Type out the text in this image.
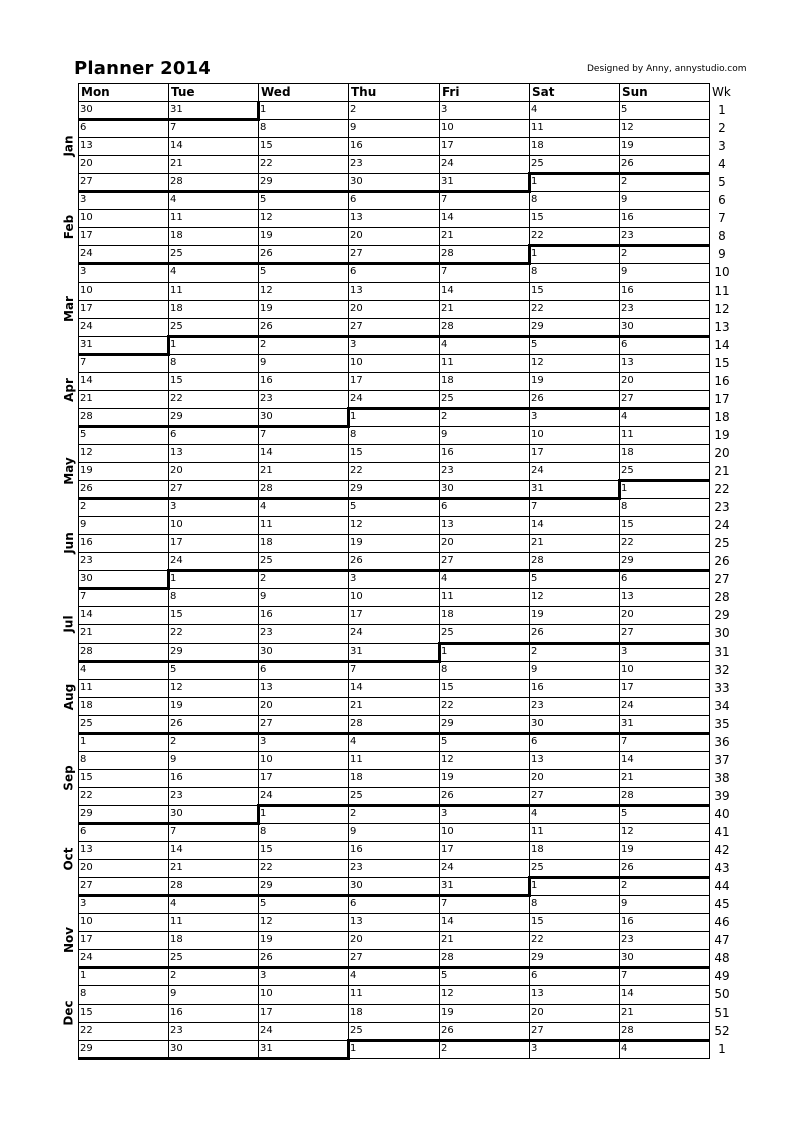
Planner 2014	Designed by Anny, annystudio.com
Mon	Tue	Wed	Thu	Fri	Sat	Sun	Wk
30	31	1	2	3	4	5	1
6	7	8	9	10	11	12	2
13	14	15	16	17	18	19	3
20	21	22	23	24	25	26	4
27	28	29	30	31	1	2	5
3	4	5	6	7	8	9	6
10	11	12	13	14	15	16	7
17	18	19	20	21	22	23	8
24	25	26	27	28	1	2	9
3	4	5	6	7	8	9	10
10	11	12	13	14	15	16	11
17	18	19	20	21	22	23	12
24	25	26	27	28	29	30	13
31	1	2	3	4	5	6	14
7	8	9	10	11	12	13	15
14	15	16	17	18	19	20	16
21	22	23	24	25	26	27	17
28	29	30	1	2	3	4	18
5	6	7	8	9	10	11	19
12	13	14	15	16	17	18	20
19	20	21	22	23	24	25	21
26	27	28	29	30	31	1	22
2	3	4	5	6	7	8	23
9	10	11	12	13	14	15	24
16	17	18	19	20	21	22	25
23	24	25	26	27	28	29	26
30	1	2	3	4	5	6	27
7	8	9	10	11	12	13	28
14	15	16	17	18	19	20	29
21	22	23	24	25	26	27	30
28	29	30	31	1	2	3	31
4	5	6	7	8	9	10	32
11	12	13	14	15	16	17	33
18	19	20	21	22	23	24	34
25	26	27	28	29	30	31	35
1	2	3	4	5	6	7	36
8	9	10	11	12	13	14	37
15	16	17	18	19	20	21	38
22	23	24	25	26	27	28	39
29	30	1	2	3	4	5	40
6	7	8	9	10	11	12	41
13	14	15	16	17	18	19	42
20	21	22	23	24	25	26	43
27	28	29	30	31	1	2	44
3	4	5	6	7	8	9	45
10	11	12	13	14	15	16	46
17	18	19	20	21	22	23	47
24	25	26	27	28	29	30	48
1	2	3	4	5	6	7	49
8	9	10	11	12	13	14	50
15	16	17	18	19	20	21	51
22	23	24	25	26	27	28	52
29	30	31	1	2	3	4	1
Jan
Feb
Mar
Apr
May
Jun
Jul
Aug
Sep
Oct
Nov
Dec
